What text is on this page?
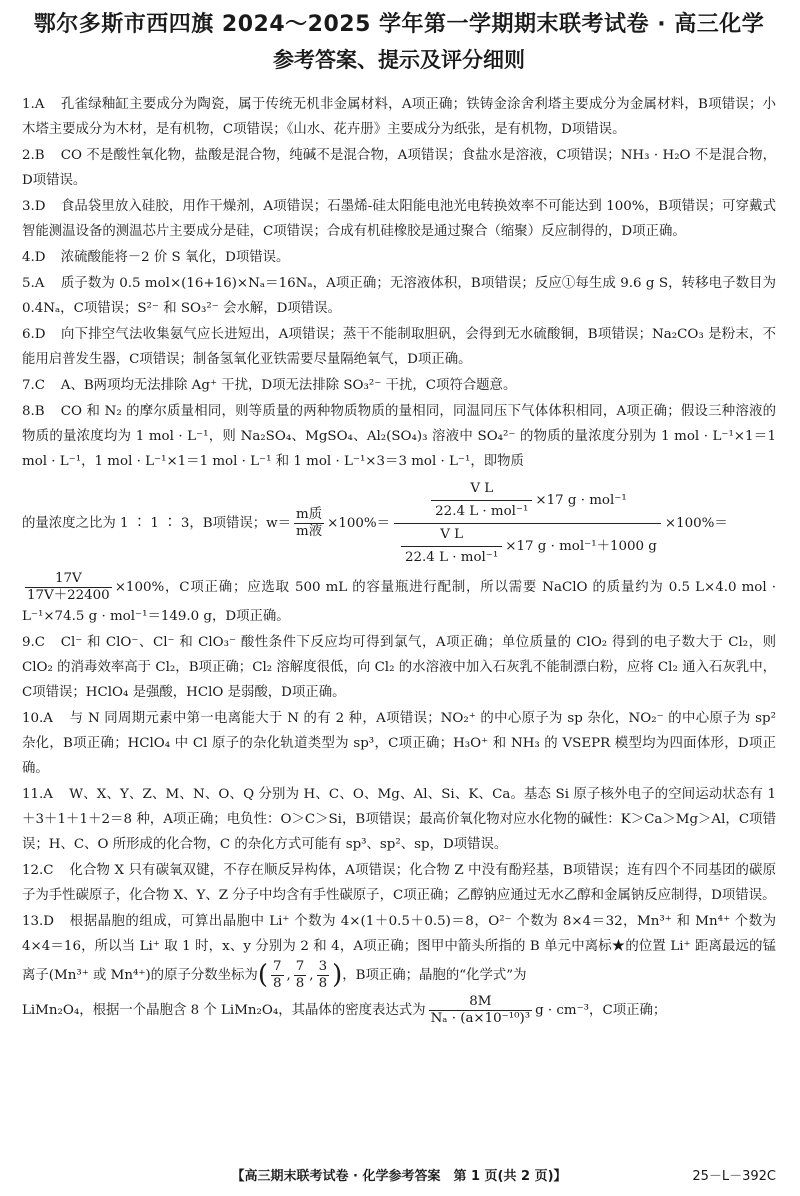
鄂尔多斯市西四旗 2024～2025 学年第一学期期末联考试卷 · 高三化学
参考答案、提示及评分细则

1.A 孔雀绿釉缸主要成分为陶瓷，属于传统无机非金属材料，A项正确；铁铸金涂舍利塔主要成分为金属材料，B项错误；小木塔主要成分为木材，是有机物，C项错误；《山水、花卉册》主要成分为纸张，是有机物，D项错误。

2.B CO 不是酸性氧化物，盐酸是混合物，纯碱不是混合物，A项错误；食盐水是溶液，C项错误；NH₃ · H₂O 不是混合物，D项错误。

3.D 食品袋里放入硅胶，用作干燥剂，A项错误；石墨烯-硅太阳能电池光电转换效率不可能达到 100%，B项错误；可穿戴式智能测温设备的测温芯片主要成分是硅，C项错误；合成有机硅橡胶是通过聚合（缩聚）反应制得的，D项正确。

4.D 浓硫酸能将－2 价 S 氧化，D项错误。

5.A 质子数为 0.5 mol×(16+16)×Nₐ＝16Nₐ，A项正确；无溶液体积，B项错误；反应①每生成 9.6 g S，转移电子数目为 0.4Nₐ，C项错误；S²⁻ 和 SO₃²⁻ 会水解，D项错误。

6.D 向下排空气法收集氨气应长进短出，A项错误；蒸干不能制取胆矾，会得到无水硫酸铜，B项错误；Na₂CO₃ 是粉末，不能用启普发生器，C项错误；制备氢氧化亚铁需要尽量隔绝氧气，D项正确。

7.C A、B两项均无法排除 Ag⁺ 干扰，D项无法排除 SO₃²⁻ 干扰，C项符合题意。

8.B CO 和 N₂ 的摩尔质量相同，则等质量的两种物质物质的量相同，同温同压下气体体积相同，A项正确；假设三种溶液的物质的量浓度均为 1 mol · L⁻¹，则 Na₂SO₄、MgSO₄、Al₂(SO₄)₃ 溶液中 SO₄²⁻ 的物质的量浓度分别为 1 mol · L⁻¹×1＝1 mol · L⁻¹，1 mol · L⁻¹×1＝1 mol · L⁻¹ 和 1 mol · L⁻¹×3＝3 mol · L⁻¹，即物质
的量浓度之比为 1 ∶ 1 ∶ 3，B项错误；$w= \frac{\text{m质}}{\text{m液}} \times 100\%=$
$\frac{\text{V L}}{\text{22.4 L · mol⁻¹}} \times 17$ g · mol⁻¹
$\frac{\text{V L}}{\text{22.4 L · mol⁻¹}} \times 17$ g · mol⁻¹＋1000 g
×100%＝
$\frac{17V}{17V+22400} \times 100\%$，C项正确；应选取 500 mL 的容量瓶进行配制，所以需要 NaClO 的质量约为 0.5 L×4.0 mol · L⁻¹×74.5 g · mol⁻¹＝149.0 g，D项正确。

9.C Cl⁻ 和 ClO⁻、Cl⁻ 和 ClO₃⁻ 酸性条件下反应均可得到氯气，A项正确；单位质量的 ClO₂ 得到的电子数大于 Cl₂，则 ClO₂ 的消毒效率高于 Cl₂，B项正确；Cl₂ 溶解度很低，向 Cl₂ 的水溶液中加入石灰乳不能制漂白粉，应将 Cl₂ 通入石灰乳中，C项错误；HClO₄ 是强酸，HClO 是弱酸，D项正确。

10.A 与 N 同周期元素中第一电离能大于 N 的有 2 种，A项错误；NO₂⁺ 的中心原子为 sp 杂化，NO₂⁻ 的中心原子为 sp² 杂化，B项正确；HClO₄ 中 Cl 原子的杂化轨道类型为 sp³，C项正确；H₃O⁺ 和 NH₃ 的 VSEPR 模型均为四面体形，D项正确。

11.A W、X、Y、Z、M、N、O、Q 分别为 H、C、O、Mg、Al、Si、K、Ca。基态 Si 原子核外电子的空间运动状态有 1＋3＋1＋1＋2＝8 种，A项正确；电负性：O＞C＞Si，B项错误；最高价氧化物对应水化物的碱性：K＞Ca＞Mg＞Al，C项错误；H、C、O 所形成的化合物，C 的杂化方式可能有 sp³、sp²、sp，D项错误。

12.C 化合物 X 只有碳氧双键，不存在顺反异构体，A项错误；化合物 Z 中没有酚羟基，B项错误；连有四个不同基团的碳原子为手性碳原子，化合物 X、Y、Z 分子中均含有手性碳原子，C项正确；乙醇钠应通过无水乙醇和金属钠反应制得，D项错误。

13.D 根据晶胞的组成，可算出晶胞中 Li⁺ 个数为 4×(1＋0.5＋0.5)＝8，O²⁻ 个数为 8×4＝32，Mn³⁺ 和 Mn⁴⁺ 个数为 4×4＝16，所以当 Li⁺ 取 1 时，x、y 分别为 2 和 4，A项正确；图甲中箭头所指的 B 单元中离标★的位置 Li⁺ 距离最远的锰离子(Mn³⁺ 或 Mn⁴⁺)的原子分数坐标为( $\frac{7}{8}$ , $\frac{7}{8}$ , $\frac{3}{8}$ )，B项正确；晶胞的“化学式”为
LiMn₂O₄，根据一个晶胞含 8 个 LiMn₂O₄，其晶体的密度表达式为 $\frac{8M}{\text{Nₐ · (a×10⁻¹⁰)³}}$ g · cm⁻³，C项正确；
【高三期末联考试卷 · 化学参考答案　第 1 页(共 2 页)】	25－L－392C
